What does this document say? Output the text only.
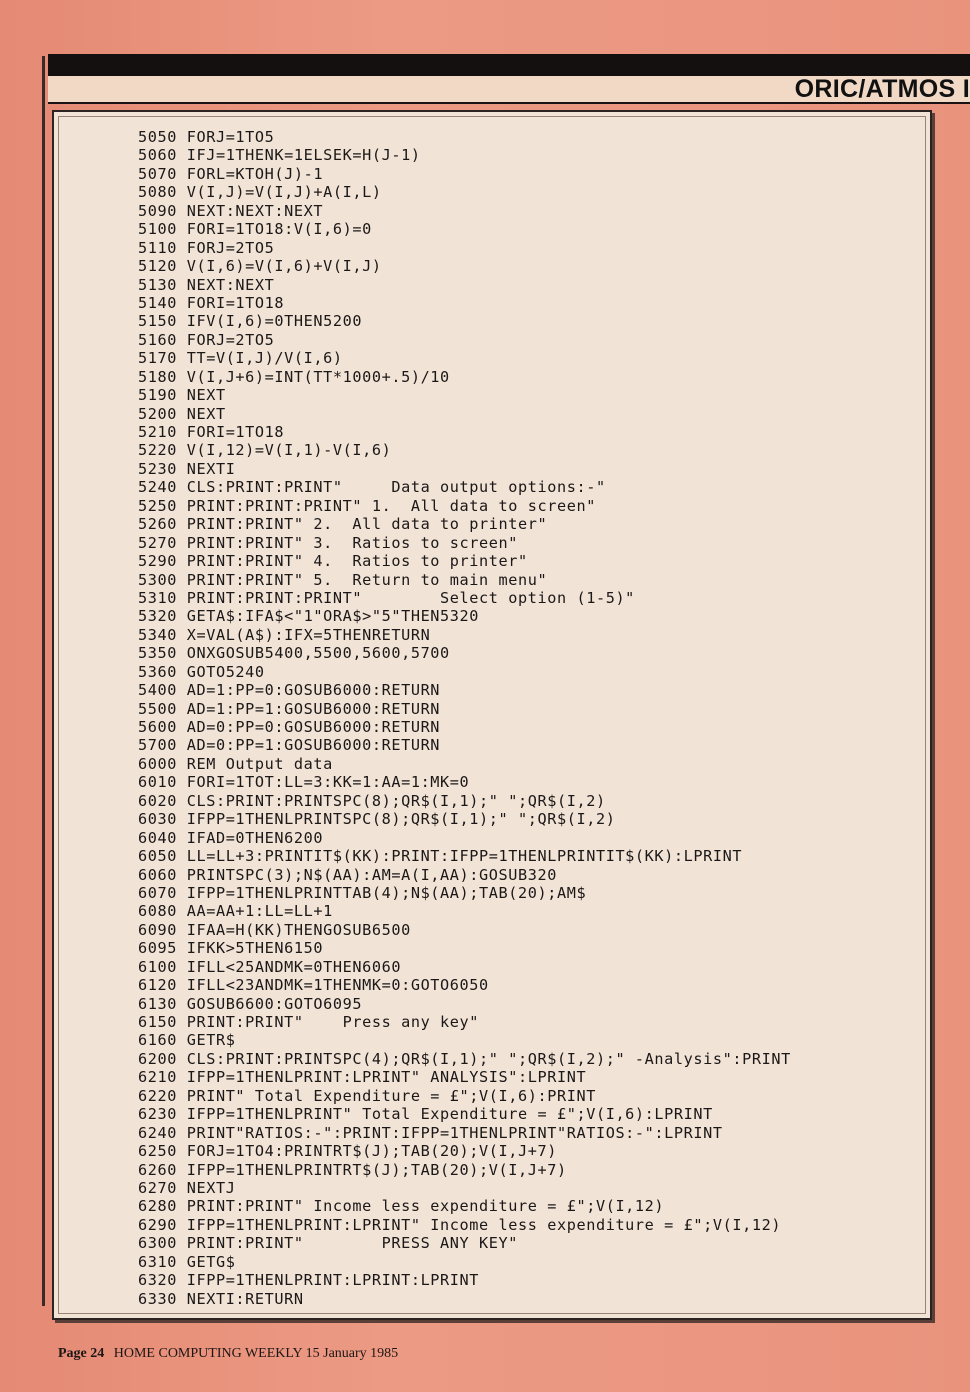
ORIC/ATMOS I
5050 FORJ=1TO5
5060 IFJ=1THENK=1ELSEK=H(J-1)
5070 FORL=KTOH(J)-1
5080 V(I,J)=V(I,J)+A(I,L)
5090 NEXT:NEXT:NEXT
5100 FORI=1TO18:V(I,6)=0
5110 FORJ=2TO5
5120 V(I,6)=V(I,6)+V(I,J)
5130 NEXT:NEXT
5140 FORI=1TO18
5150 IFV(I,6)=0THEN5200
5160 FORJ=2TO5
5170 TT=V(I,J)/V(I,6)
5180 V(I,J+6)=INT(TT*1000+.5)/10
5190 NEXT
5200 NEXT
5210 FORI=1TO18
5220 V(I,12)=V(I,1)-V(I,6)
5230 NEXTI
5240 CLS:PRINT:PRINT"     Data output options:-"
5250 PRINT:PRINT:PRINT" 1.  All data to screen"
5260 PRINT:PRINT" 2.  All data to printer"
5270 PRINT:PRINT" 3.  Ratios to screen"
5290 PRINT:PRINT" 4.  Ratios to printer"
5300 PRINT:PRINT" 5.  Return to main menu"
5310 PRINT:PRINT:PRINT"        Select option (1-5)"
5320 GETA$:IFA$<"1"ORA$>"5"THEN5320
5340 X=VAL(A$):IFX=5THENRETURN
5350 ONXGOSUB5400,5500,5600,5700
5360 GOTO5240
5400 AD=1:PP=0:GOSUB6000:RETURN
5500 AD=1:PP=1:GOSUB6000:RETURN
5600 AD=0:PP=0:GOSUB6000:RETURN
5700 AD=0:PP=1:GOSUB6000:RETURN
6000 REM Output data
6010 FORI=1TOT:LL=3:KK=1:AA=1:MK=0
6020 CLS:PRINT:PRINTSPC(8);QR$(I,1);" ";QR$(I,2)
6030 IFPP=1THENLPRINTSPC(8);QR$(I,1);" ";QR$(I,2)
6040 IFAD=0THEN6200
6050 LL=LL+3:PRINTIT$(KK):PRINT:IFPP=1THENLPRINTIT$(KK):LPRINT
6060 PRINTSPC(3);N$(AA):AM=A(I,AA):GOSUB320
6070 IFPP=1THENLPRINTTAB(4);N$(AA);TAB(20);AM$
6080 AA=AA+1:LL=LL+1
6090 IFAA=H(KK)THENGOSUB6500
6095 IFKK>5THEN6150
6100 IFLL<25ANDMK=0THEN6060
6120 IFLL<23ANDMK=1THENMK=0:GOTO6050
6130 GOSUB6600:GOTO6095
6150 PRINT:PRINT"    Press any key"
6160 GETR$
6200 CLS:PRINT:PRINTSPC(4);QR$(I,1);" ";QR$(I,2);" -Analysis":PRINT
6210 IFPP=1THENLPRINT:LPRINT" ANALYSIS":LPRINT
6220 PRINT" Total Expenditure = £";V(I,6):PRINT
6230 IFPP=1THENLPRINT" Total Expenditure = £";V(I,6):LPRINT
6240 PRINT"RATIOS:-":PRINT:IFPP=1THENLPRINT"RATIOS:-":LPRINT
6250 FORJ=1TO4:PRINTRT$(J);TAB(20);V(I,J+7)
6260 IFPP=1THENLPRINTRT$(J);TAB(20);V(I,J+7)
6270 NEXTJ
6280 PRINT:PRINT" Income less expenditure = £";V(I,12)
6290 IFPP=1THENLPRINT:LPRINT" Income less expenditure = £";V(I,12)
6300 PRINT:PRINT"        PRESS ANY KEY"
6310 GETG$
6320 IFPP=1THENLPRINT:LPRINT:LPRINT
6330 NEXTI:RETURN
Page 24 HOME COMPUTING WEEKLY 15 January 1985
